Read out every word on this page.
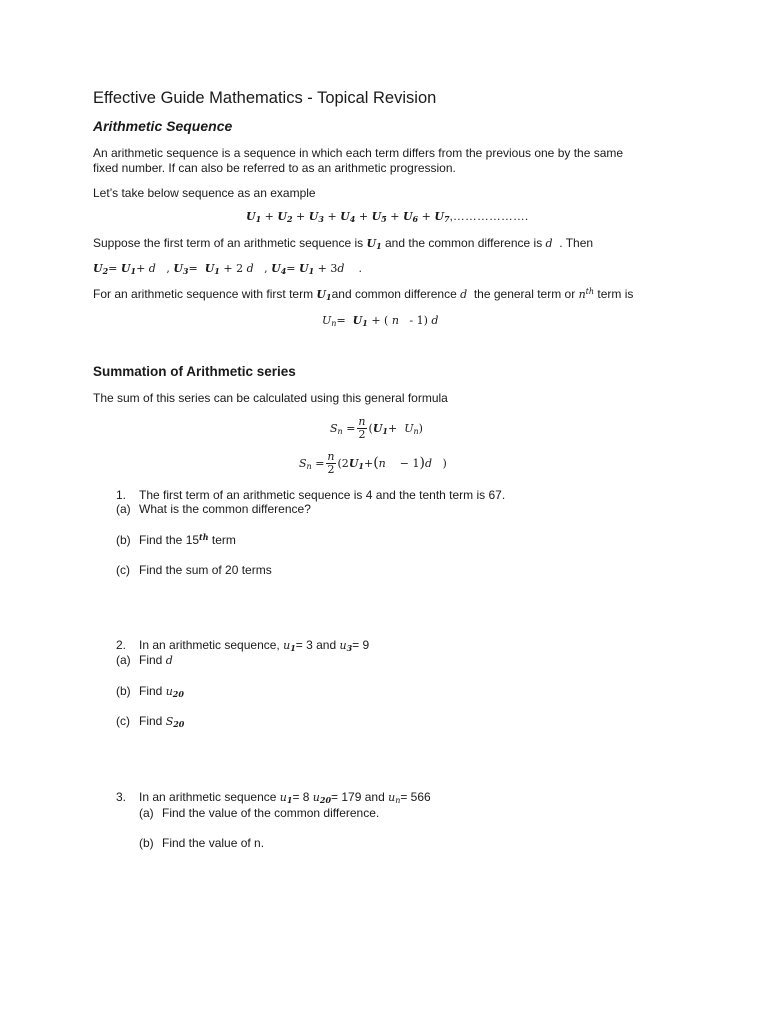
Effective Guide Mathematics - Topical Revision
Arithmetic Sequence
An arithmetic sequence is a sequence in which each term differs from the previous one by the same
fixed number. If can also be referred to as an arithmetic progression.
Let’s take below sequence as an example
$U_1 + U_2 + U_3 + U_4 + U_5 + U_6$ + $U_7,\dots\dots\dots\dots\dots\dots$.
Suppose the first term of an arithmetic sequence is $U_1$ and the common difference is d . Then
$U_2= U_1+ d$   , $U_3= U_1 + 2$ d   , $U_4= U_1 + 3d$    .
For an arithmetic sequence with first term $U_1and$ common difference d the general term or $n^{th}$ term is
$U_n= U_1$ + ( n   - 1) d
Summation of Arithmetic series
The sum of this series can be calculated using this general formula
$S_n = \frac{n}{2}$ ( $U_1 + U_n$ )
$S_n = \frac{n}{2} (2$ $U_1$ + ( n − 1 ) d )
1. The first term of an arithmetic sequence is 4 and the tenth term is 67.
(a) What is the common difference?
(b) Find the 15th term
(c) Find the sum of 20 terms
2. In an arithmetic sequence, $u_1= 3$ and $u_3= 9$
(a) Find d
(b) Find $u_{20}$
(c) Find $S_{20}$
3. In an arithmetic sequence $u_1= 8$ $u_{20}= 179$ and $u_n= 566$
(a) Find the value of the common difference.
(b) Find the value of n.
